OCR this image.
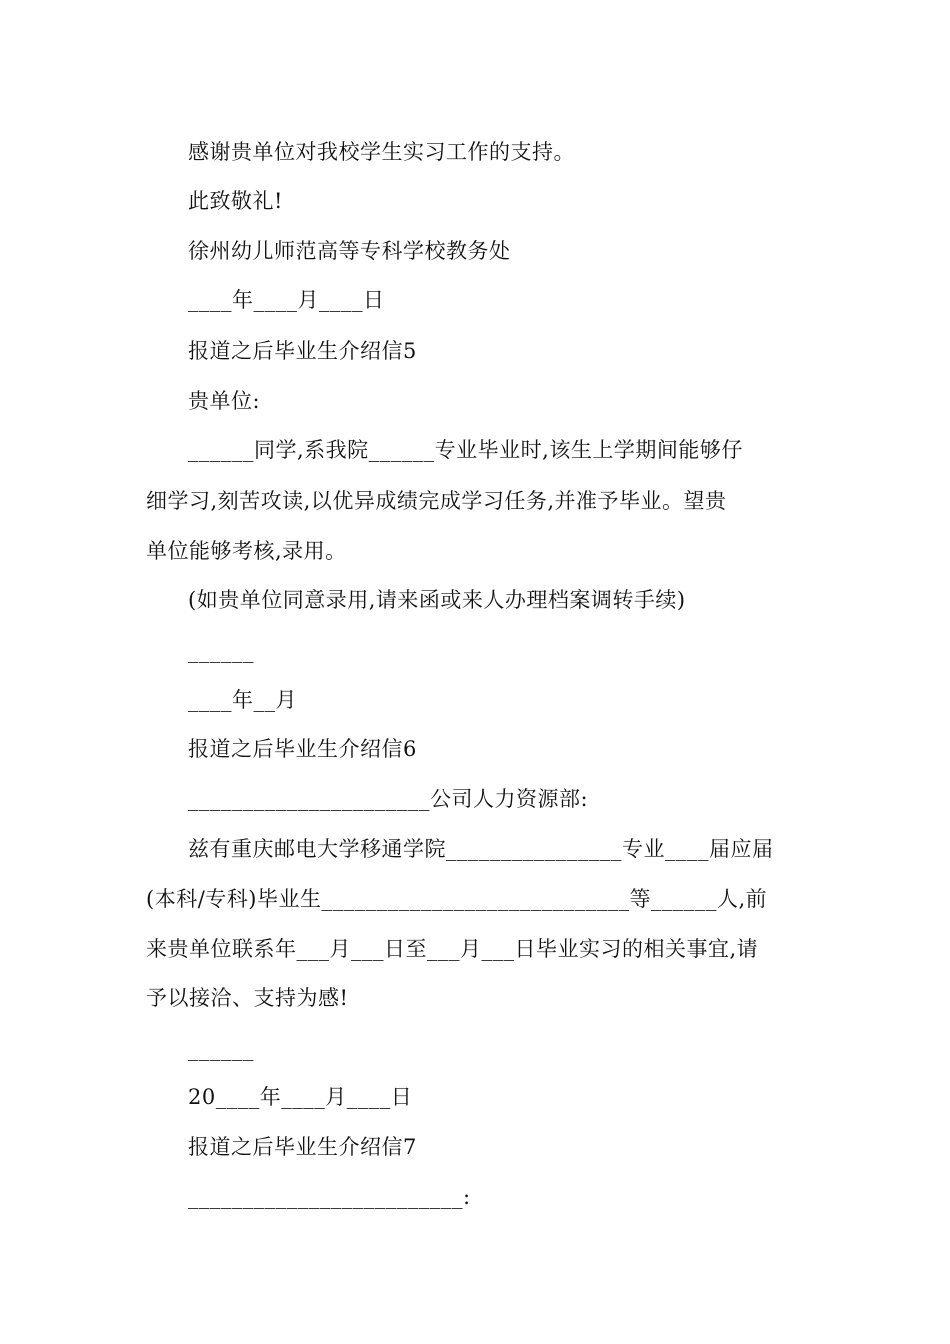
感谢贵单位对我校学生实习工作的支持。
此致敬礼!
徐州幼儿师范高等专科学校教务处
____年____月____日
报道之后毕业生介绍信5
贵单位:
______同学,系我院______专业毕业时,该生上学期间能够仔
细学习,刻苦攻读,以优异成绩完成学习任务,并准予毕业。望贵
单位能够考核,录用。
(如贵单位同意录用,请来函或来人办理档案调转手续)
______
____年__月
报道之后毕业生介绍信6
______________________公司人力资源部:
兹有重庆邮电大学移通学院________________专业____届应届
(本科/专科)毕业生____________________________等______人,前
来贵单位联系年___月___日至___月___日毕业实习的相关事宜,请
予以接洽、支持为感!
______
20____年____月____日
报道之后毕业生介绍信7
_________________________:
